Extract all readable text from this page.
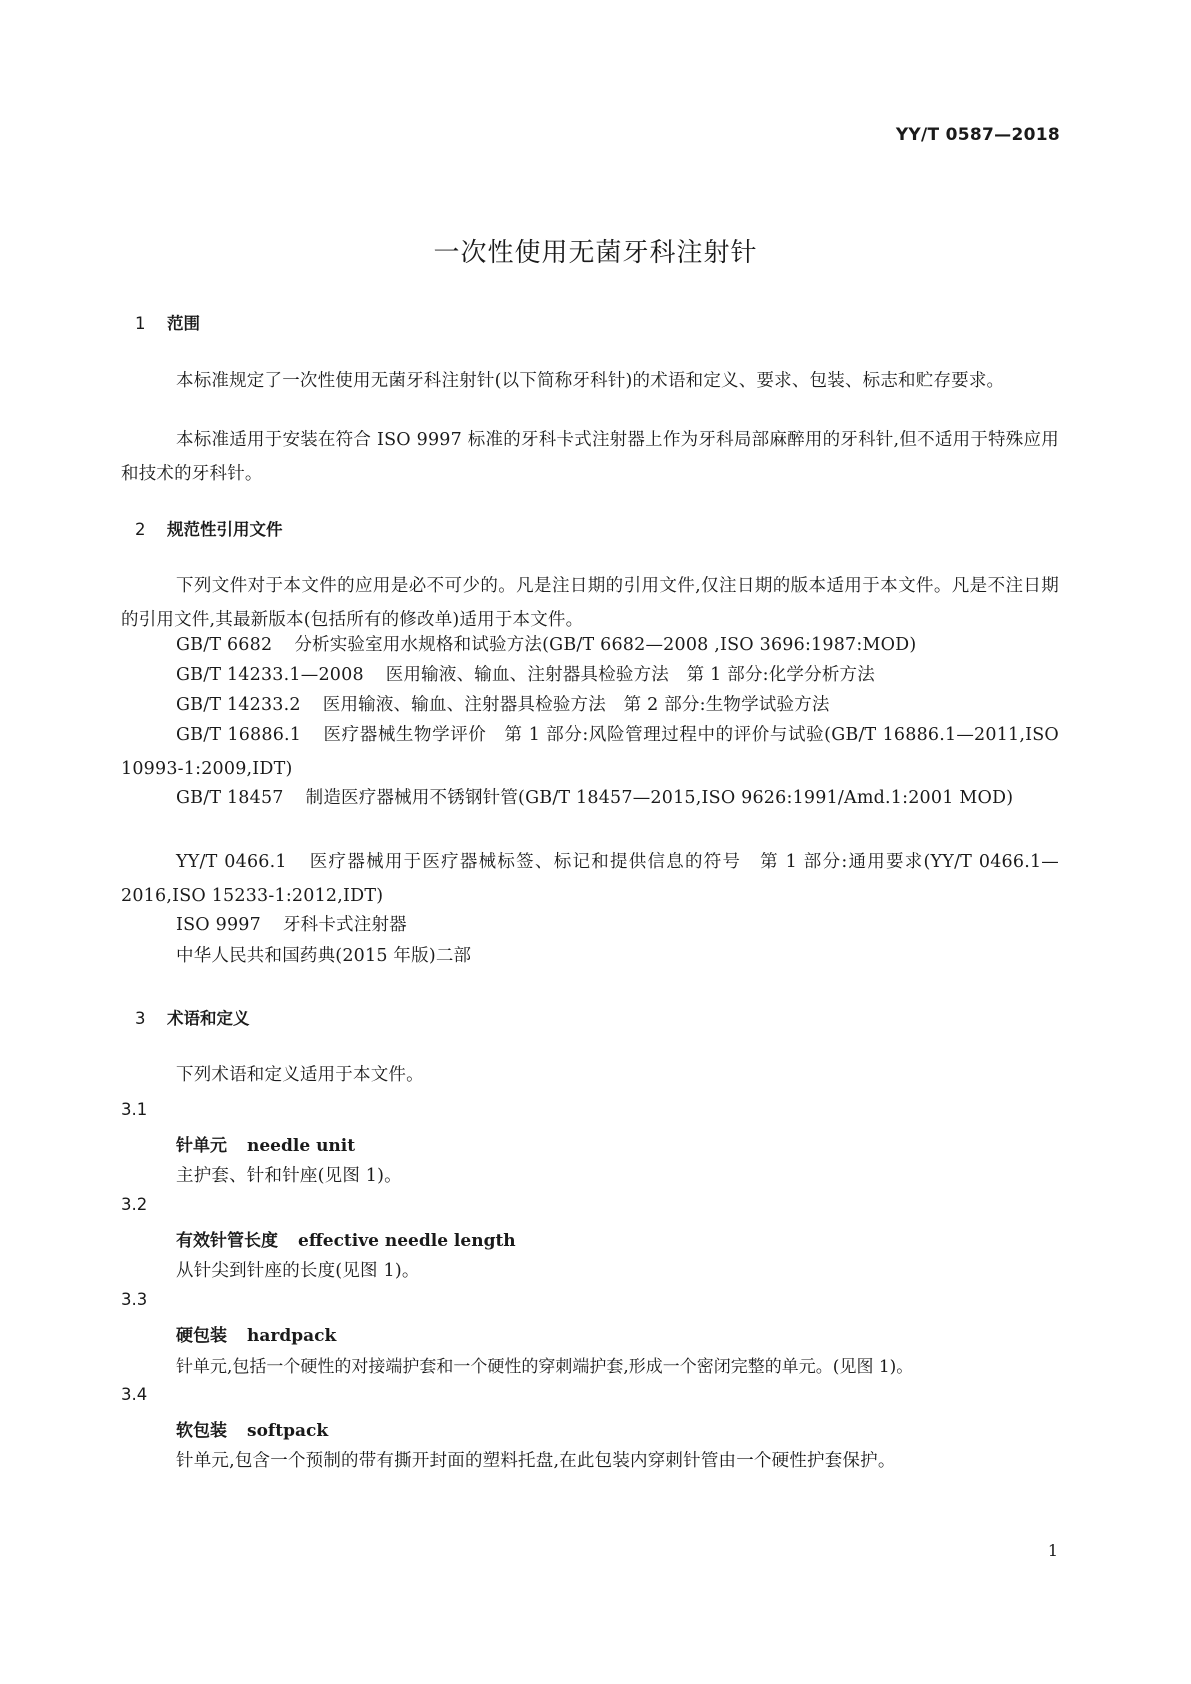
YY/T 0587—2018
一次性使用无菌牙科注射针
1 范围

本标准规定了一次性使用无菌牙科注射针(以下简称牙科针)的术语和定义、要求、包装、标志和贮存要求。

本标准适用于安装在符合 ISO 9997 标准的牙科卡式注射器上作为牙科局部麻醉用的牙科针,但不适用于特殊应用和技术的牙科针。

2 规范性引用文件

下列文件对于本文件的应用是必不可少的。凡是注日期的引用文件,仅注日期的版本适用于本文件。凡是不注日期的引用文件,其最新版本(包括所有的修改单)适用于本文件。

GB/T 6682 分析实验室用水规格和试验方法(GB/T 6682—2008 ,ISO 3696:1987:MOD)

GB/T 14233.1—2008 医用输液、输血、注射器具检验方法　第 1 部分:化学分析方法

GB/T 14233.2 医用输液、输血、注射器具检验方法　第 2 部分:生物学试验方法

GB/T 16886.1 医疗器械生物学评价　第 1 部分:风险管理过程中的评价与试验(GB/T 16886.1—2011,ISO 10993-1:2009,IDT)

GB/T 18457 制造医疗器械用不锈钢针管(GB/T 18457—2015,ISO 9626:1991/Amd.1:2001 MOD)

YY/T 0466.1 医疗器械用于医疗器械标签、标记和提供信息的符号　第 1 部分:通用要求(YY/T 0466.1—2016,ISO 15233-1:2012,IDT)

ISO 9997 牙科卡式注射器

中华人民共和国药典(2015 年版)二部

3 术语和定义

下列术语和定义适用于本文件。

3.1
针单元 needle unit
主护套、针和针座(见图 1)。
3.2
有效针管长度 effective needle length
从针尖到针座的长度(见图 1)。
3.3
硬包装 hardpack
针单元,包括一个硬性的对接端护套和一个硬性的穿刺端护套,形成一个密闭完整的单元。(见图 1)。
3.4
软包装 softpack
针单元,包含一个预制的带有撕开封面的塑料托盘,在此包装内穿刺针管由一个硬性护套保护。
1
